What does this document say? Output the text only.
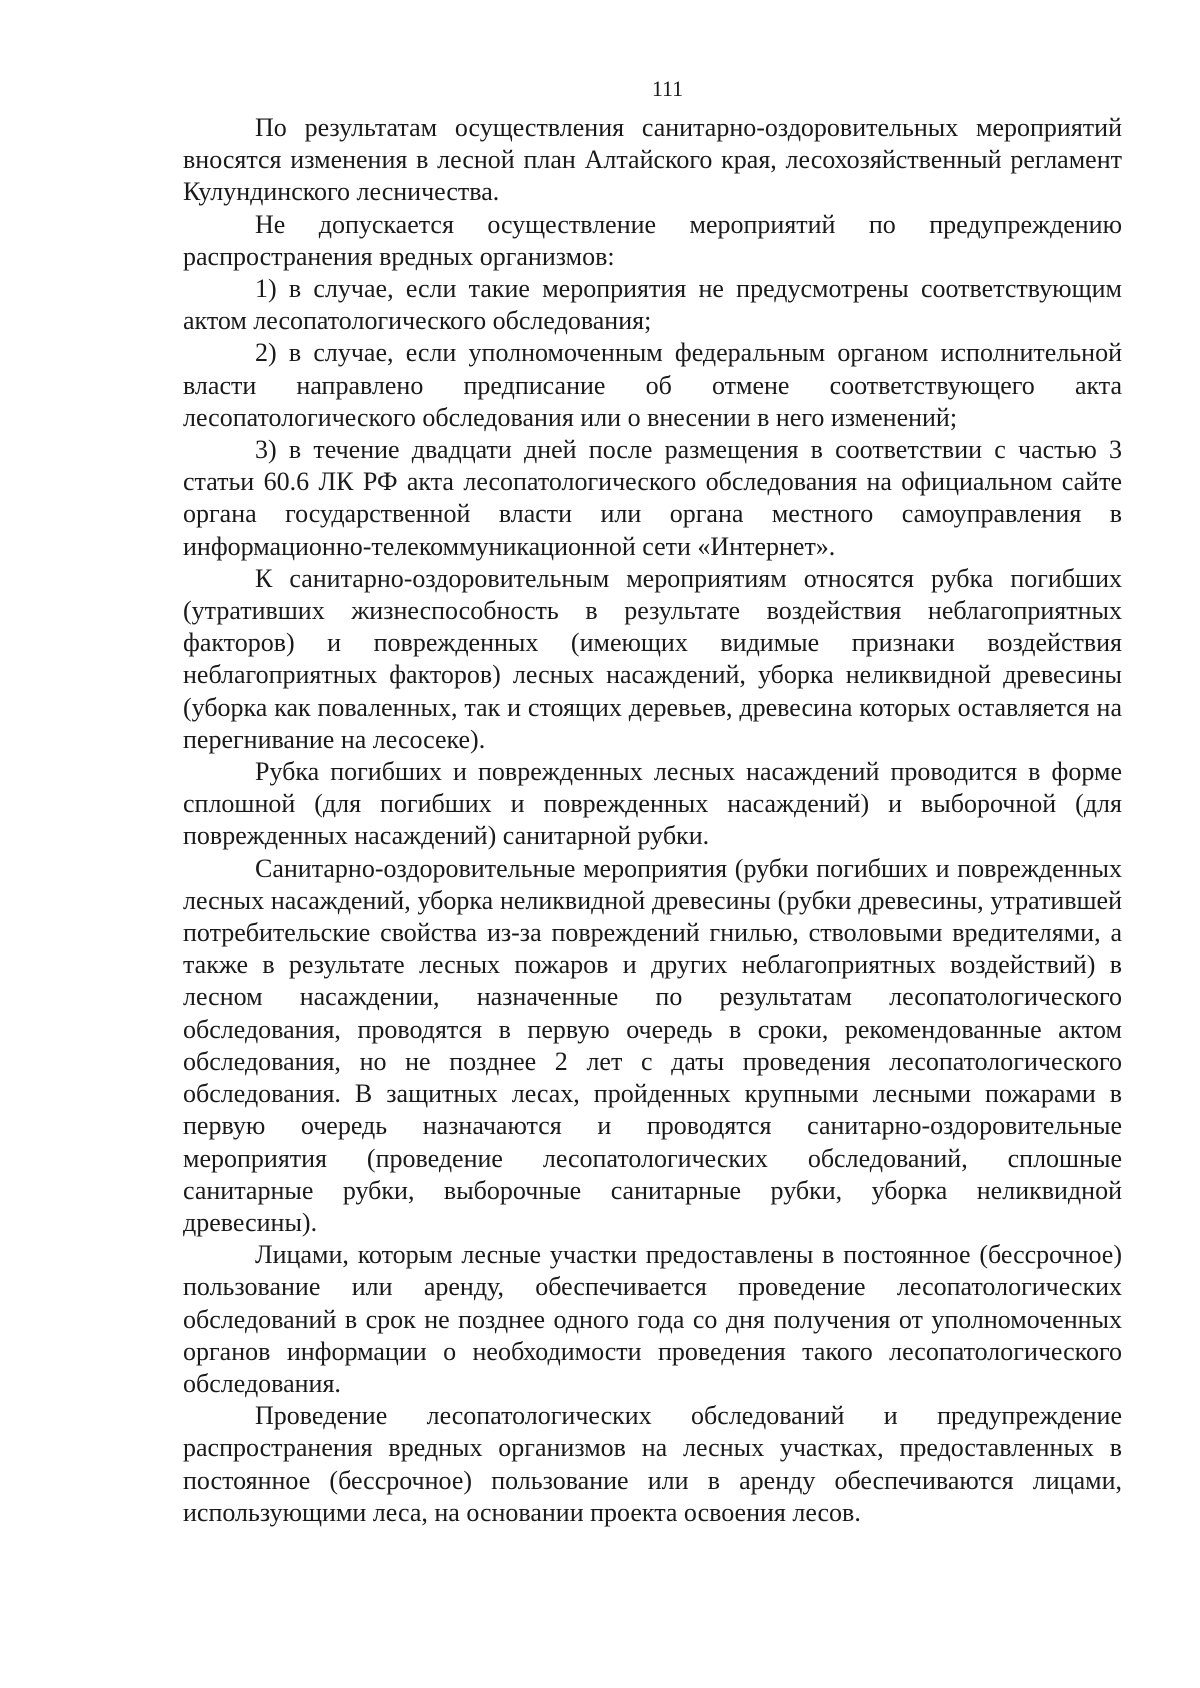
111

По результатам осуществления санитарно-оздоровительных мероприятий вносятся изменения в лесной план Алтайского края, лесохозяйственный регламент Кулундинского лесничества.

Не допускается осуществление мероприятий по предупреждению распространения вредных организмов:

1) в случае, если такие мероприятия не предусмотрены соответствующим актом лесопатологического обследования;

2) в случае, если уполномоченным федеральным органом исполнительной власти направлено предписание об отмене соответствующего акта лесопатологического обследования или о внесении в него изменений;

3) в течение двадцати дней после размещения в соответствии с частью 3 статьи 60.6 ЛК РФ акта лесопатологического обследования на официальном сайте органа государственной власти или органа местного самоуправления в информационно-телекоммуникационной сети «Интернет».

К санитарно-оздоровительным мероприятиям относятся рубка погибших (утративших жизнеспособность в результате воздействия неблагоприятных факторов) и поврежденных (имеющих видимые признаки воздействия неблагоприятных факторов) лесных насаждений, уборка неликвидной древесины (уборка как поваленных, так и стоящих деревьев, древесина которых оставляется на перегнивание на лесосеке).

Рубка погибших и поврежденных лесных насаждений проводится в форме сплошной (для погибших и поврежденных насаждений) и выборочной (для поврежденных насаждений) санитарной рубки.

Санитарно-оздоровительные мероприятия (рубки погибших и поврежденных лесных насаждений, уборка неликвидной древесины (рубки древесины, утратившей потребительские свойства из-за повреждений гнилью, стволовыми вредителями, а также в результате лесных пожаров и других неблагоприятных воздействий) в лесном насаждении, назначенные по результатам лесопатологического обследования, проводятся в первую очередь в сроки, рекомендованные актом обследования, но не позднее 2 лет с даты проведения лесопатологического обследования. В защитных лесах, пройденных крупными лесными пожарами в первую очередь назначаются и проводятся санитарно-оздоровительные мероприятия (проведение лесопатологических обследований, сплошные санитарные рубки, выборочные санитарные рубки, уборка неликвидной древесины).

Лицами, которым лесные участки предоставлены в постоянное (бессрочное) пользование или аренду, обеспечивается проведение лесопатологических обследований в срок не позднее одного года со дня получения от уполномоченных органов информации о необходимости проведения такого лесопатологического обследования.

Проведение лесопатологических обследований и предупреждение распространения вредных организмов на лесных участках, предоставленных в постоянное (бессрочное) пользование или в аренду обеспечиваются лицами, использующими леса, на основании проекта освоения лесов.
